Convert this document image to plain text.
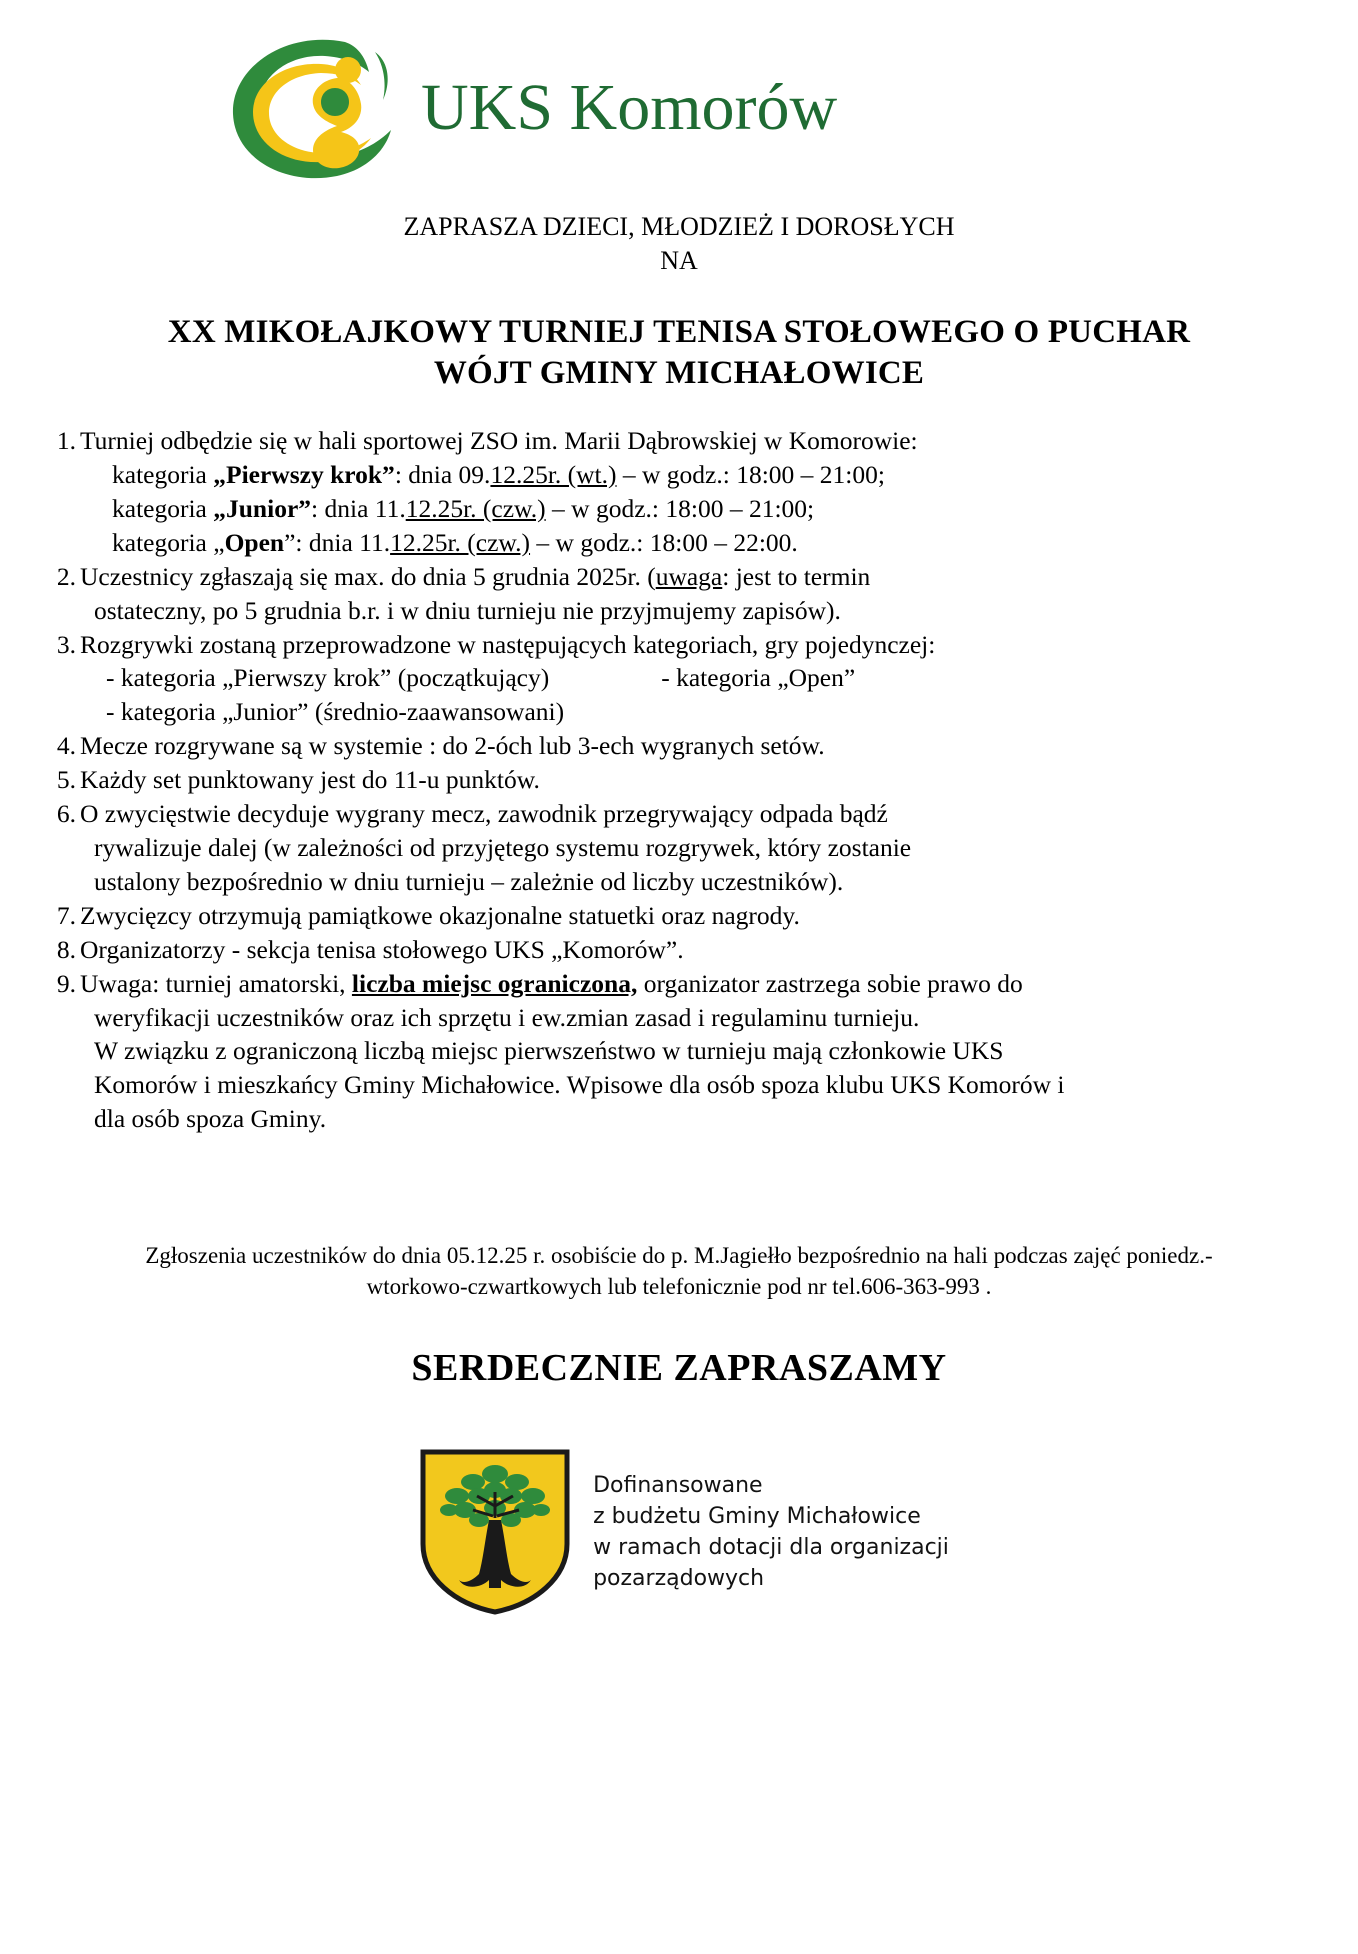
UKS Komorów
ZAPRASZA DZIECI, MŁODZIEŻ I DOROSŁYCH
NA
XX MIKOŁAJKOWY TURNIEJ TENISA STOŁOWEGO O PUCHAR
WÓJT GMINY MICHAŁOWICE
1. Turniej odbędzie się w hali sportowej ZSO im. Marii Dąbrowskiej w Komorowie:
kategoria „Pierwszy krok”: dnia 09.12.25r. (wt.) – w godz.: 18:00 – 21:00;
kategoria „Junior”: dnia 11.12.25r. (czw.) – w godz.: 18:00 – 21:00;
kategoria „Open”: dnia 11.12.25r. (czw.) – w godz.: 18:00 – 22:00.
2. Uczestnicy zgłaszają się max. do dnia 5 grudnia 2025r. (uwaga: jest to termin
ostateczny, po 5 grudnia b.r. i w dniu turnieju nie przyjmujemy zapisów).
3. Rozgrywki zostaną przeprowadzone w następujących kategoriach, gry pojedynczej:
- kategoria „Pierwszy krok” (początkujący)	- kategoria „Open”
- kategoria „Junior” (średnio-zaawansowani)
4. Mecze rozgrywane są w systemie : do 2-óch lub 3-ech wygranych setów.
5. Każdy set punktowany jest do 11-u punktów.
6. O zwycięstwie decyduje wygrany mecz, zawodnik przegrywający odpada bądź
rywalizuje dalej (w zależności od przyjętego systemu rozgrywek, który zostanie
ustalony bezpośrednio w dniu turnieju – zależnie od liczby uczestników).
7. Zwycięzcy otrzymują pamiątkowe okazjonalne statuetki oraz nagrody.
8. Organizatorzy - sekcja tenisa stołowego UKS „Komorów”.
9. Uwaga: turniej amatorski, liczba miejsc ograniczona, organizator zastrzega sobie prawo do
weryfikacji uczestników oraz ich sprzętu i ew.zmian zasad i regulaminu turnieju.
W związku z ograniczoną liczbą miejsc pierwszeństwo w turnieju mają członkowie UKS
Komorów i mieszkańcy Gminy Michałowice. Wpisowe dla osób spoza klubu UKS Komorów i
dla osób spoza Gminy.
Zgłoszenia uczestników do dnia 05.12.25 r. osobiście do p. M.Jagiełło bezpośrednio na hali podczas zajęć poniedz.-
wtorkowo-czwartkowych lub telefonicznie pod nr tel.606-363-993 .
SERDECZNIE ZAPRASZAMY
Dofinansowane
z budżetu Gminy Michałowice
w ramach dotacji dla organizacji
pozarządowych
